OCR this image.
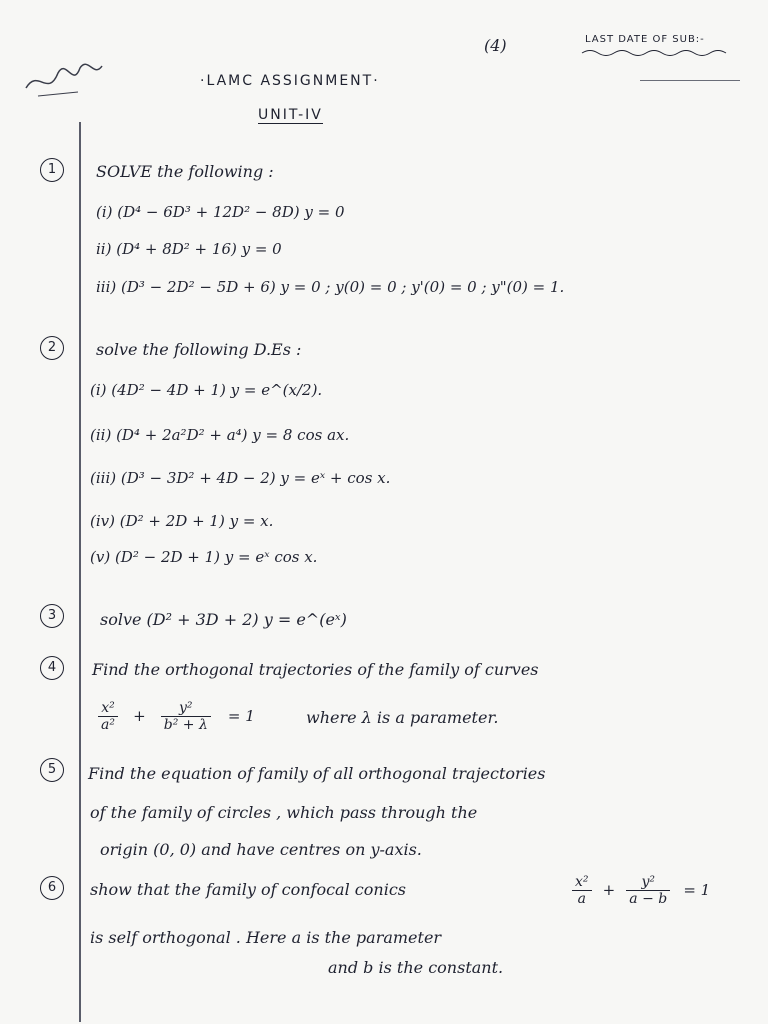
(4)	LAST DATE OF SUB:-
·LAMC ASSIGNMENT·
UNIT-IV
1	SOLVE the following :
(i) (D⁴ − 6D³ + 12D² − 8D) y = 0
ii) (D⁴ + 8D² + 16) y = 0
iii) (D³ − 2D² − 5D + 6) y = 0 ; y(0) = 0 ; y'(0) = 0 ; y"(0) = 1.
2	solve the following D.Es :
(i) (4D² − 4D + 1) y = e^(x/2).
(ii) (D⁴ + 2a²D² + a⁴) y = 8 cos ax.
(iii) (D³ − 3D² + 4D − 2) y = eˣ + cos x.
(iv) (D² + 2D + 1) y = x.
(v) (D² − 2D + 1) y = eˣ cos x.
3	solve (D² + 3D + 2) y = e^(eˣ)
4	Find the orthogonal trajectories of the family of curves
$\frac{\text{x²}}{\text{a²}} + \frac{\text{y²}}{\text{b² + λ}} = 1$	where λ is a parameter.
5	Find the equation of family of all orthogonal trajectories
of the family of circles , which pass through the
origin (0, 0) and have centres on y-axis.
6	show that the family of confocal conics	$\frac{\text{x²}}{a} + \frac{\text{y²}}{a - b} = 1$
is self orthogonal . Here a is the parameter
and b is the constant.
